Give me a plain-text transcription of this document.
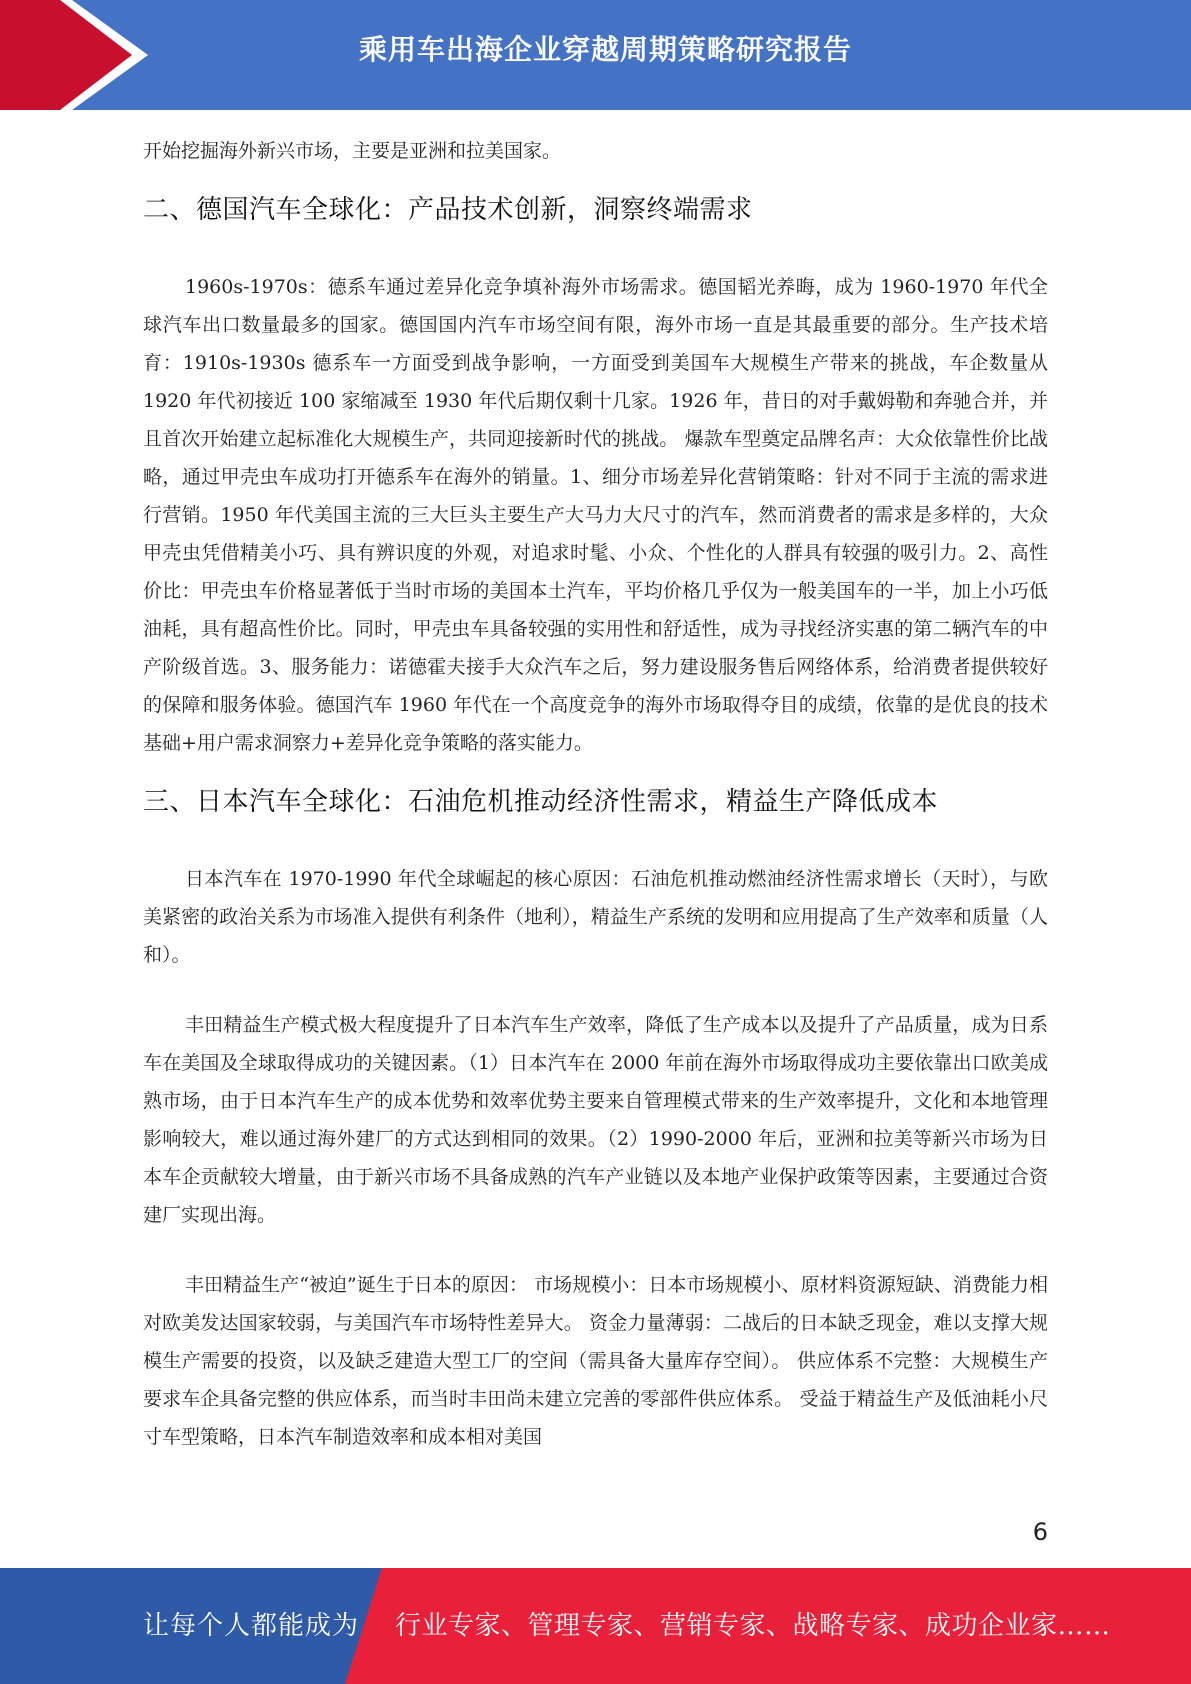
乘用车出海企业穿越周期策略研究报告

开始挖掘海外新兴市场，主要是亚洲和拉美国家。

二、德国汽车全球化：产品技术创新，洞察终端需求

1960s-1970s：德系车通过差异化竞争填补海外市场需求。德国韬光养晦，成为 1960-1970 年代全球汽车出口数量最多的国家。德国国内汽车市场空间有限，海外市场一直是其最重要的部分。生产技术培育：1910s-1930s 德系车一方面受到战争影响，一方面受到美国车大规模生产带来的挑战，车企数量从 1920 年代初接近 100 家缩减至 1930 年代后期仅剩十几家。1926 年，昔日的对手戴姆勒和奔驰合并，并且首次开始建立起标准化大规模生产，共同迎接新时代的挑战。 爆款车型奠定品牌名声：大众依靠性价比战略，通过甲壳虫车成功打开德系车在海外的销量。1、细分市场差异化营销策略：针对不同于主流的需求进行营销。1950 年代美国主流的三大巨头主要生产大马力大尺寸的汽车，然而消费者的需求是多样的，大众甲壳虫凭借精美小巧、具有辨识度的外观，对追求时髦、小众、个性化的人群具有较强的吸引力。2、高性价比：甲壳虫车价格显著低于当时市场的美国本土汽车，平均价格几乎仅为一般美国车的一半，加上小巧低油耗，具有超高性价比。同时，甲壳虫车具备较强的实用性和舒适性，成为寻找经济实惠的第二辆汽车的中产阶级首选。3、服务能力：诺德霍夫接手大众汽车之后，努力建设服务售后网络体系，给消费者提供较好的保障和服务体验。德国汽车 1960 年代在一个高度竞争的海外市场取得夺目的成绩，依靠的是优良的技术基础+用户需求洞察力+差异化竞争策略的落实能力。

三、日本汽车全球化：石油危机推动经济性需求，精益生产降低成本

日本汽车在 1970-1990 年代全球崛起的核心原因：石油危机推动燃油经济性需求增长（天时），与欧美紧密的政治关系为市场准入提供有利条件（地利），精益生产系统的发明和应用提高了生产效率和质量（人和）。

丰田精益生产模式极大程度提升了日本汽车生产效率，降低了生产成本以及提升了产品质量，成为日系车在美国及全球取得成功的关键因素。（1）日本汽车在 2000 年前在海外市场取得成功主要依靠出口欧美成熟市场，由于日本汽车生产的成本优势和效率优势主要来自管理模式带来的生产效率提升，文化和本地管理影响较大，难以通过海外建厂的方式达到相同的效果。（2）1990-2000 年后，亚洲和拉美等新兴市场为日本车企贡献较大增量，由于新兴市场不具备成熟的汽车产业链以及本地产业保护政策等因素，主要通过合资建厂实现出海。

丰田精益生产“被迫”诞生于日本的原因： 市场规模小：日本市场规模小、原材料资源短缺、消费能力相对欧美发达国家较弱，与美国汽车市场特性差异大。 资金力量薄弱：二战后的日本缺乏现金，难以支撑大规模生产需要的投资，以及缺乏建造大型工厂的空间（需具备大量库存空间）。 供应体系不完整：大规模生产要求车企具备完整的供应体系，而当时丰田尚未建立完善的零部件供应体系。 受益于精益生产及低油耗小尺寸车型策略，日本汽车制造效率和成本相对美国

6
让每个人都能成为 行业专家、管理专家、营销专家、战略专家、成功企业家……
